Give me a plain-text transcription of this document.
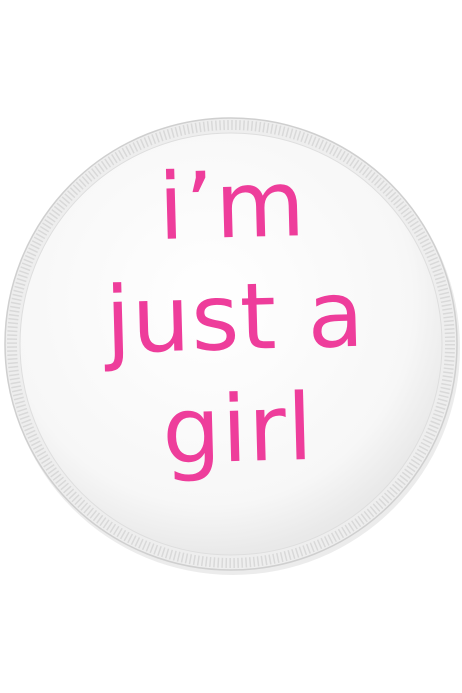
i’m
just a
girl
